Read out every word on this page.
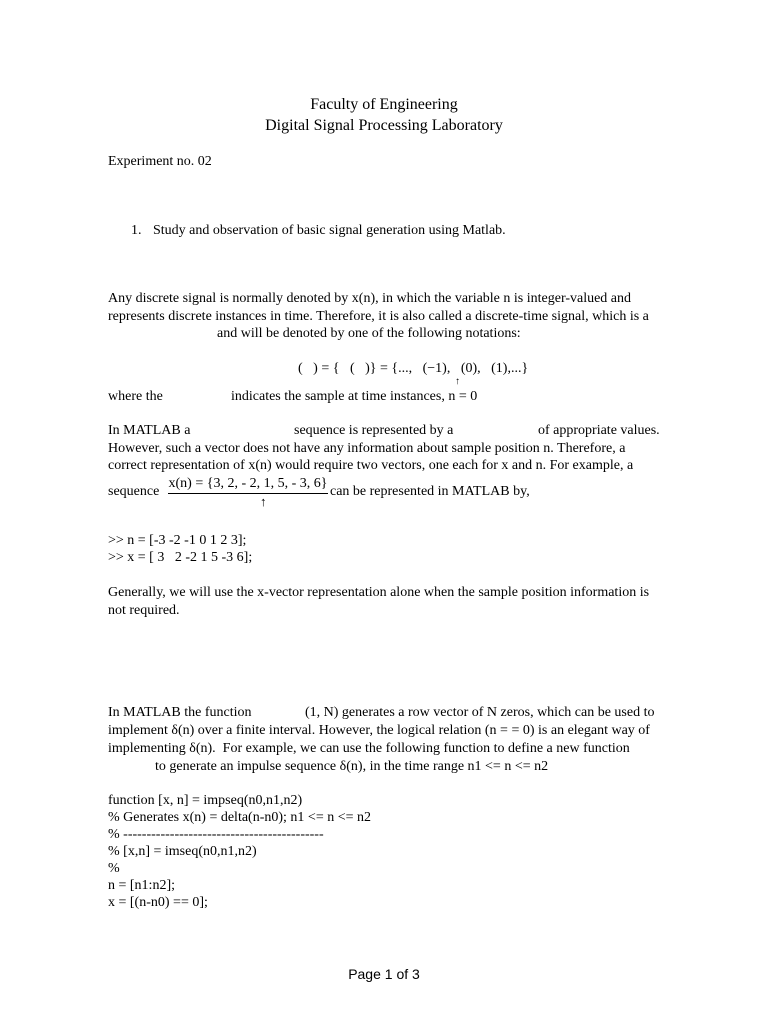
Faculty of Engineering
Digital Signal Processing Laboratory
Experiment no. 02
1. Study and observation of basic signal generation using Matlab.
Any discrete signal is normally denoted by x(n), in which the variable n is integer-valued and
represents discrete instances in time. Therefore, it is also called a discrete-time signal, which is a
and will be denoted by one of the following notations:
(   ) = {   (   )} = {...,   (−1),   (0),   (1),...}
↑
where the	indicates the sample at time instances, n = 0
In MATLAB a	sequence is represented by a	of appropriate values.
However, such a vector does not have any information about sample position n. Therefore, a
correct representation of x(n) would require two vectors, one each for x and n. For example, a
sequence
x(n) = {3, 2, - 2, 1, 5, - 3, 6}
↑
can be represented in MATLAB by,
>> n = [-3 -2 -1 0 1 2 3];
>> x = [ 3   2 -2 1 5 -3 6];
Generally, we will use the x-vector representation alone when the sample position information is
not required.
In MATLAB the function	(1, N) generates a row vector of N zeros, which can be used to
implement δ(n) over a finite interval. However, the logical relation (n = = 0) is an elegant way of
implementing δ(n).  For example, we can use the following function to define a new function
to generate an impulse sequence δ(n), in the time range n1 <= n <= n2
function [x, n] = impseq(n0,n1,n2)
% Generates x(n) = delta(n-n0); n1 <= n <= n2
% -------------------------------------------
% [x,n] = imseq(n0,n1,n2)
%
n = [n1:n2];
x = [(n-n0) == 0];
Page 1 of 3
